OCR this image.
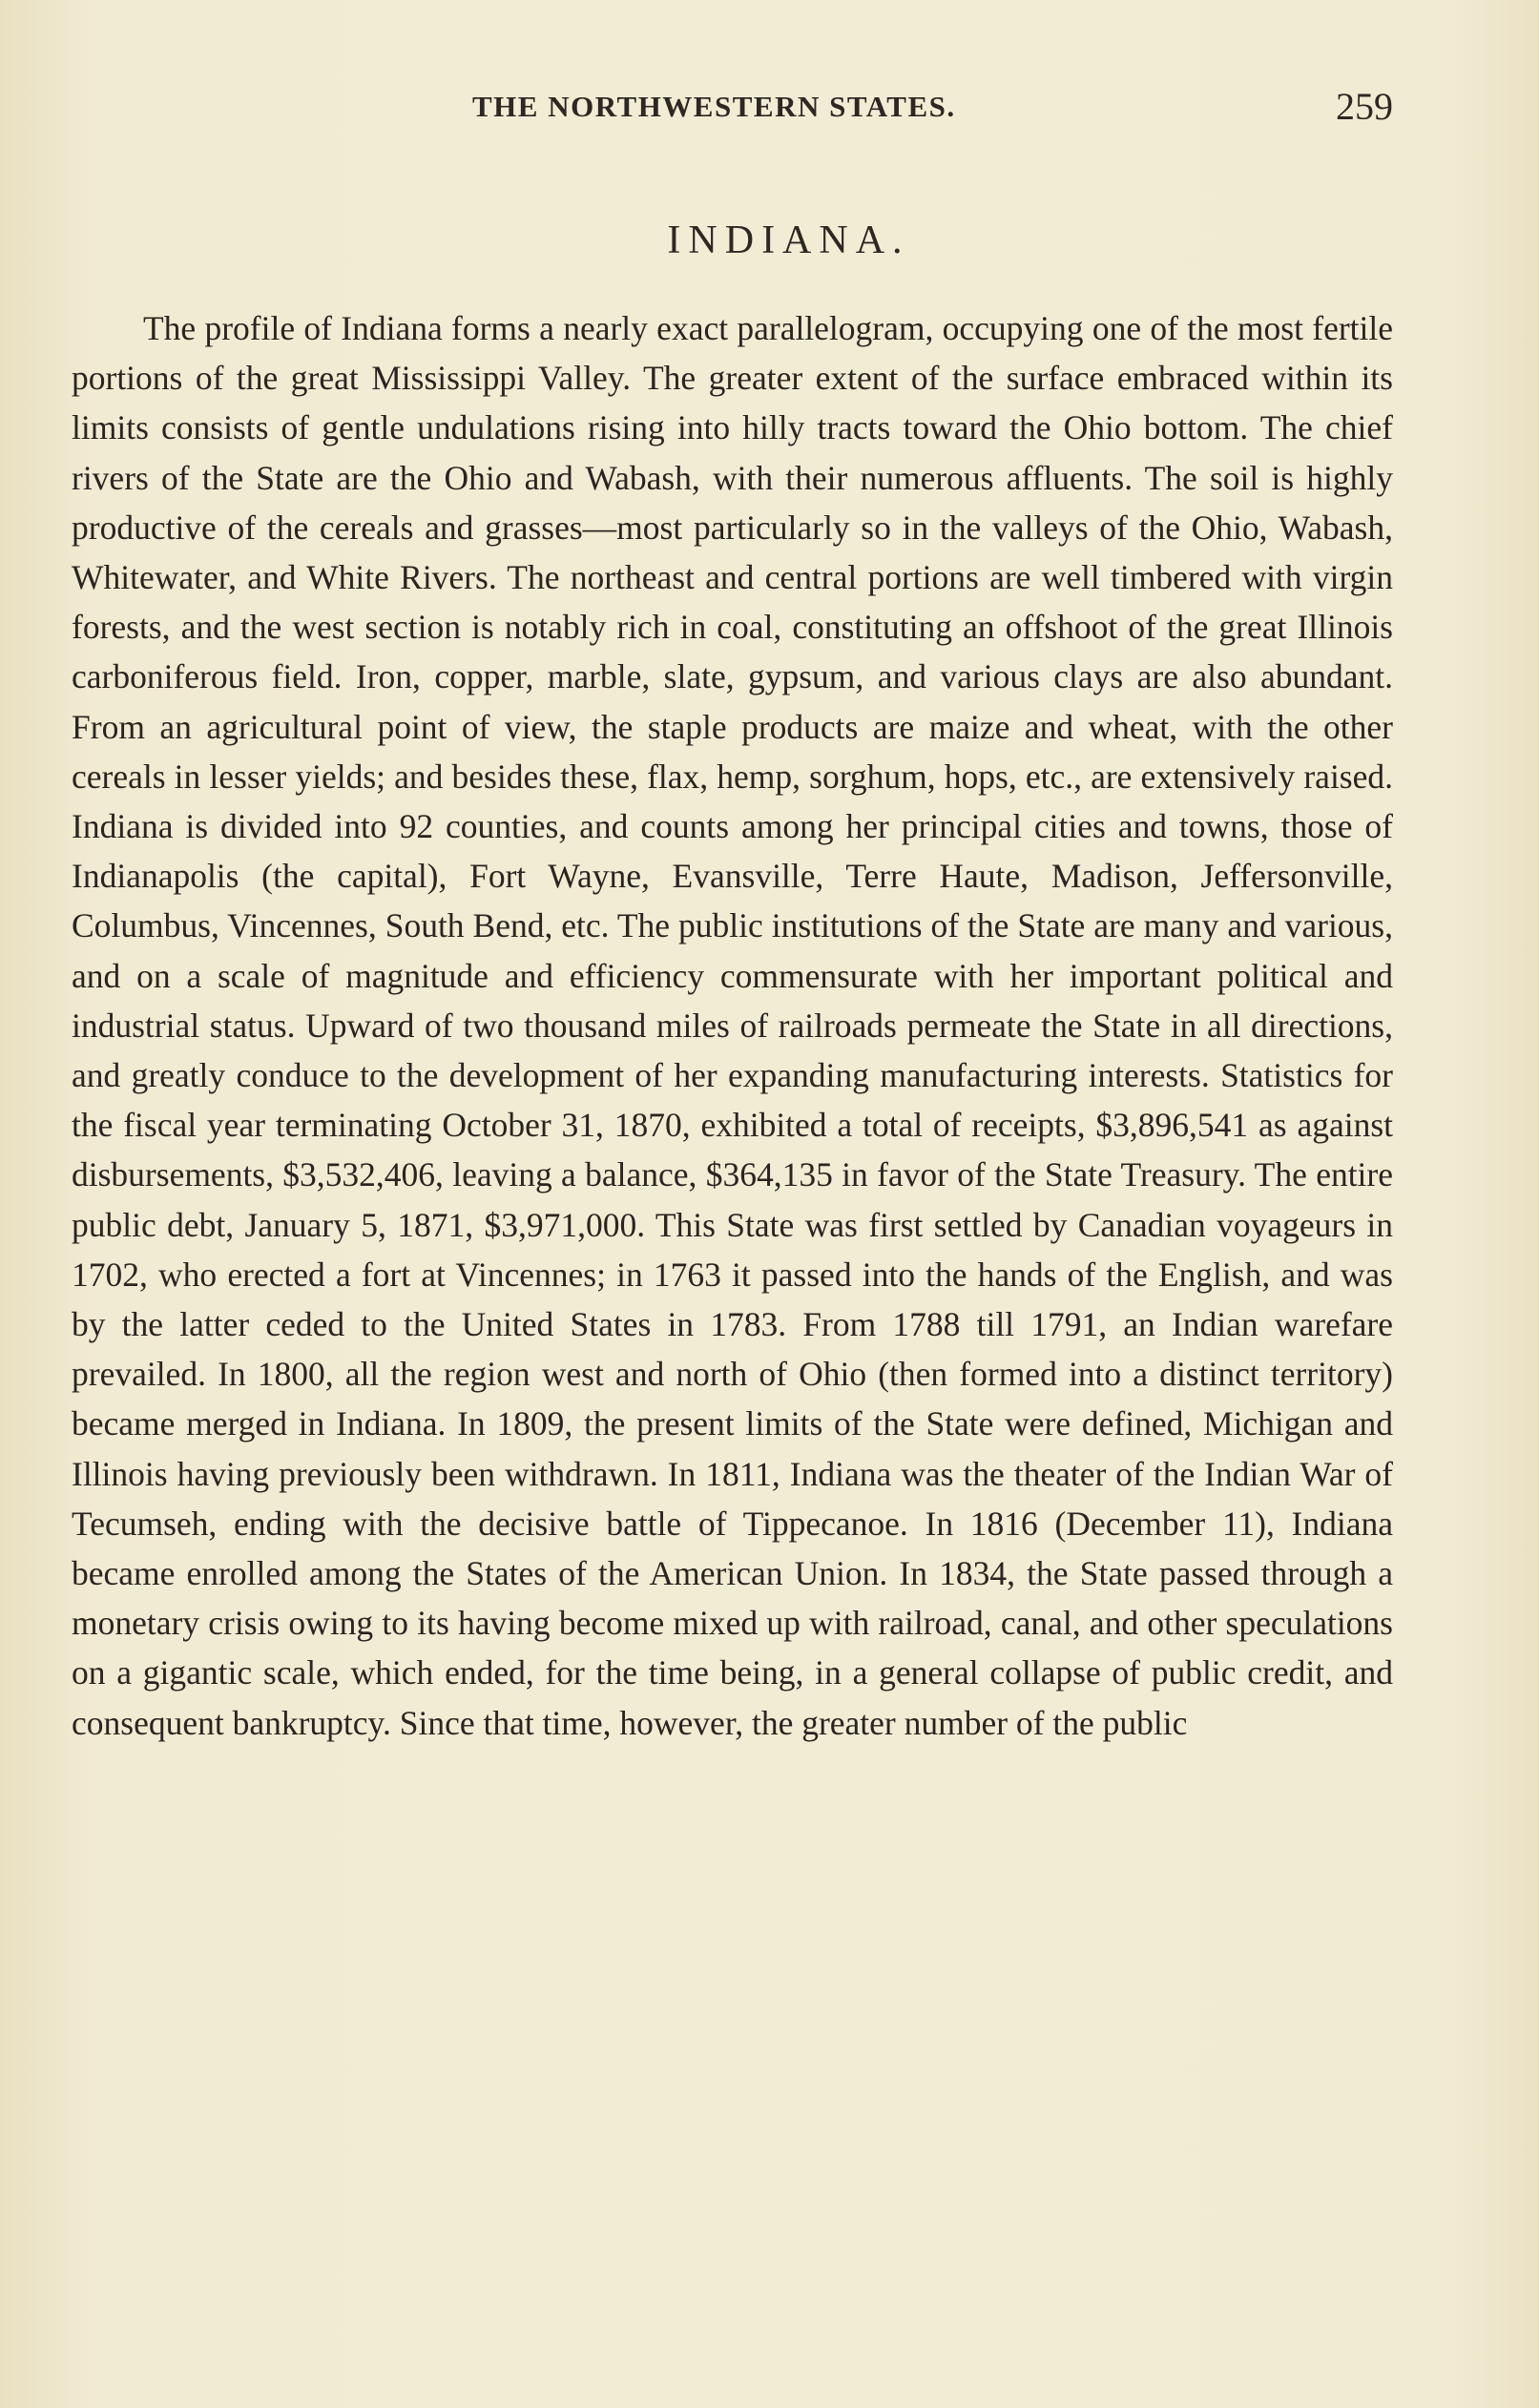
THE NORTHWESTERN STATES.	259
INDIANA.

The profile of Indiana forms a nearly exact parallelogram, occupying one of the most fertile portions of the great Mississippi Valley. The greater extent of the surface embraced within its limits consists of gentle undulations rising into hilly tracts toward the Ohio bottom. The chief rivers of the State are the Ohio and Wabash, with their numerous affluents. The soil is highly productive of the cereals and grasses—most particularly so in the valleys of the Ohio, Wabash, Whitewater, and White Rivers. The northeast and central portions are well timbered with virgin forests, and the west section is notably rich in coal, constituting an offshoot of the great Illinois carboniferous field. Iron, copper, marble, slate, gypsum, and various clays are also abundant. From an agricultural point of view, the staple products are maize and wheat, with the other cereals in lesser yields; and besides these, flax, hemp, sorghum, hops, etc., are extensively raised. Indiana is divided into 92 counties, and counts among her principal cities and towns, those of Indianapolis (the capital), Fort Wayne, Evansville, Terre Haute, Madison, Jeffersonville, Columbus, Vincennes, South Bend, etc. The public institutions of the State are many and various, and on a scale of magnitude and efficiency commensurate with her important political and industrial status. Upward of two thousand miles of railroads permeate the State in all directions, and greatly conduce to the development of her expanding manufacturing interests. Statistics for the fiscal year terminating October 31, 1870, exhibited a total of receipts, $3,896,541 as against disbursements, $3,532,406, leaving a balance, $364,135 in favor of the State Treasury. The entire public debt, January 5, 1871, $3,971,000. This State was first settled by Canadian voyageurs in 1702, who erected a fort at Vincennes; in 1763 it passed into the hands of the English, and was by the latter ceded to the United States in 1783. From 1788 till 1791, an Indian warefare prevailed. In 1800, all the region west and north of Ohio (then formed into a distinct territory) became merged in Indiana. In 1809, the present limits of the State were defined, Michigan and Illinois having previously been withdrawn. In 1811, Indiana was the theater of the Indian War of Tecumseh, ending with the decisive battle of Tippecanoe. In 1816 (December 11), Indiana became enrolled among the States of the American Union. In 1834, the State passed through a monetary crisis owing to its having become mixed up with railroad, canal, and other speculations on a gigantic scale, which ended, for the time being, in a general collapse of public credit, and consequent bankruptcy. Since that time, however, the greater number of the public
